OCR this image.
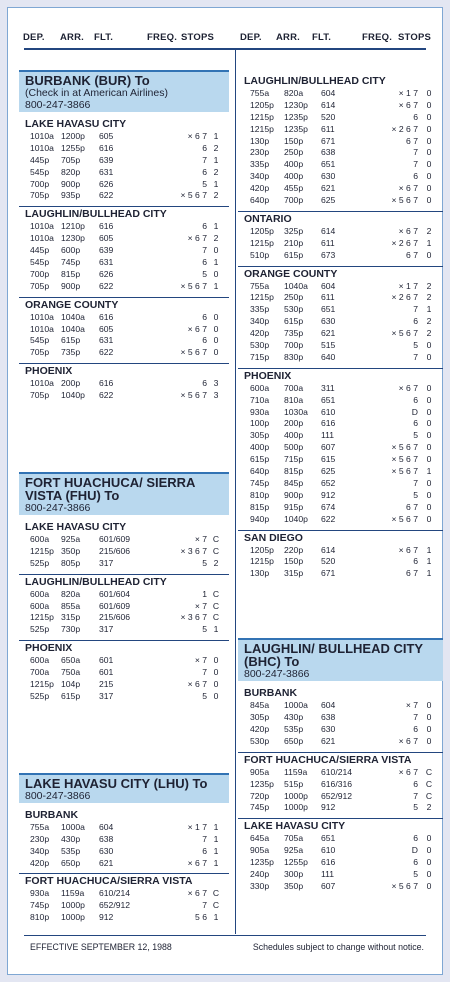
DEP. ARR. FLT.	FREQ. STOPS	DEP. ARR. FLT.	FREQ. STOPS
BURBANK (BUR) To
(Check in at American Airlines)
800-247-3866
LAKE HAVASU CITY
1010a 1200p 605	× 6 7 1
1010a 1255p 616	6 2
445p 705p 639	7 1
545p 820p 631	6 2
700p 900p 626	5 1
705p 935p 622	× 5 6 7 2
LAUGHLIN/BULLHEAD CITY
1010a 1210p 616	6 1
1010a 1230p 605	× 6 7 2
445p 600p 639	7 0
545p 745p 631	6 1
700p 815p 626	5 0
705p 900p 622	× 5 6 7 1
ORANGE COUNTY
1010a 1040a 616	6 0
1010a 1040a 605	× 6 7 0
545p 615p 631	6 0
705p 735p 622	× 5 6 7 0
PHOENIX
1010a 200p 616	6 3
705p 1040p 622	× 5 6 7 3
FORT HUACHUCA/ SIERRA VISTA (FHU) To
800-247-3866
LAKE HAVASU CITY
600a 925a 601/609	× 7 C
1215p 350p 215/606	× 3 6 7 C
525p 805p 317	5 2
LAUGHLIN/BULLHEAD CITY
600a 820a 601/604	1 C
600a 855a 601/609	× 7 C
1215p 315p 215/606	× 3 6 7 C
525p 730p 317	5 1
PHOENIX
600a 650a 601	× 7 0
700a 750a 601	7 0
1215p 104p 215	× 6 7 0
525p 615p 317	5 0
LAKE HAVASU CITY (LHU) To
800-247-3866
BURBANK
755a 1000a 604	× 1 7 1
230p 430p 638	7 1
340p 535p 630	6 1
420p 650p 621	× 6 7 1
FORT HUACHUCA/SIERRA VISTA
930a 1159a 610/214	× 6 7 C
745p 1000p 652/912	7 C
810p 1000p 912	5 6 1
LAUGHLIN/BULLHEAD CITY
755a 820a 604	× 1 7	0
1205p 1230p 614	× 6 7	0
1215p 1235p 520	6	0
1215p 1235p 611	× 2 6 7	0
130p 150p 671	6 7	0
230p 250p 638	7	0
335p 400p 651	7	0
340p 400p 630	6	0
420p 455p 621	× 6 7	0
640p 700p 625	× 5 6 7	0
ONTARIO
1205p 325p 614	× 6 7	2
1215p 210p 611	× 2 6 7	1
510p 615p 673	6 7	0
ORANGE COUNTY
755a 1040a 604	× 1 7	2
1215p 250p 611	× 2 6 7	2
335p 530p 651	7	1
340p 615p 630	6	2
420p 735p 621	× 5 6 7	2
530p 700p 515	5	0
715p 830p 640	7	0
PHOENIX
600a 700a 311	× 6 7	0
710a 810a 651	6	0
930a 1030a 610	D	0
100p 200p 616	6	0
305p 400p 111	5	0
400p 500p 607	× 5 6 7	0
615p 715p 615	× 5 6 7	0
640p 815p 625	× 5 6 7	1
745p 845p 652	7	0
810p 900p 912	5	0
815p 915p 674	6 7	0
940p 1040p 622	× 5 6 7	0
SAN DIEGO
1205p 220p 614	× 6 7	1
1215p 150p 520	6	1
130p 315p 671	6 7	1
LAUGHLIN/ BULLHEAD CITY (BHC) To
800-247-3866
BURBANK
845a 1000a 604	× 7	0
305p 430p 638	7	0
420p 535p 630	6	0
530p 650p 621	× 6 7	0
FORT HUACHUCA/SIERRA VISTA
905a 1159a 610/214	× 6 7 C
1235p 515p 616/316	6 C
720p 1000p 652/912	7 C
745p 1000p 912	5	2
LAKE HAVASU CITY
645a 705a 651	6	0
905a 925a 610	D	0
1235p 1255p 616	6	0
240p 300p 111	5	0
330p 350p 607	× 5 6 7	0
EFFECTIVE SEPTEMBER 12, 1988	Schedules subject to change without notice.
